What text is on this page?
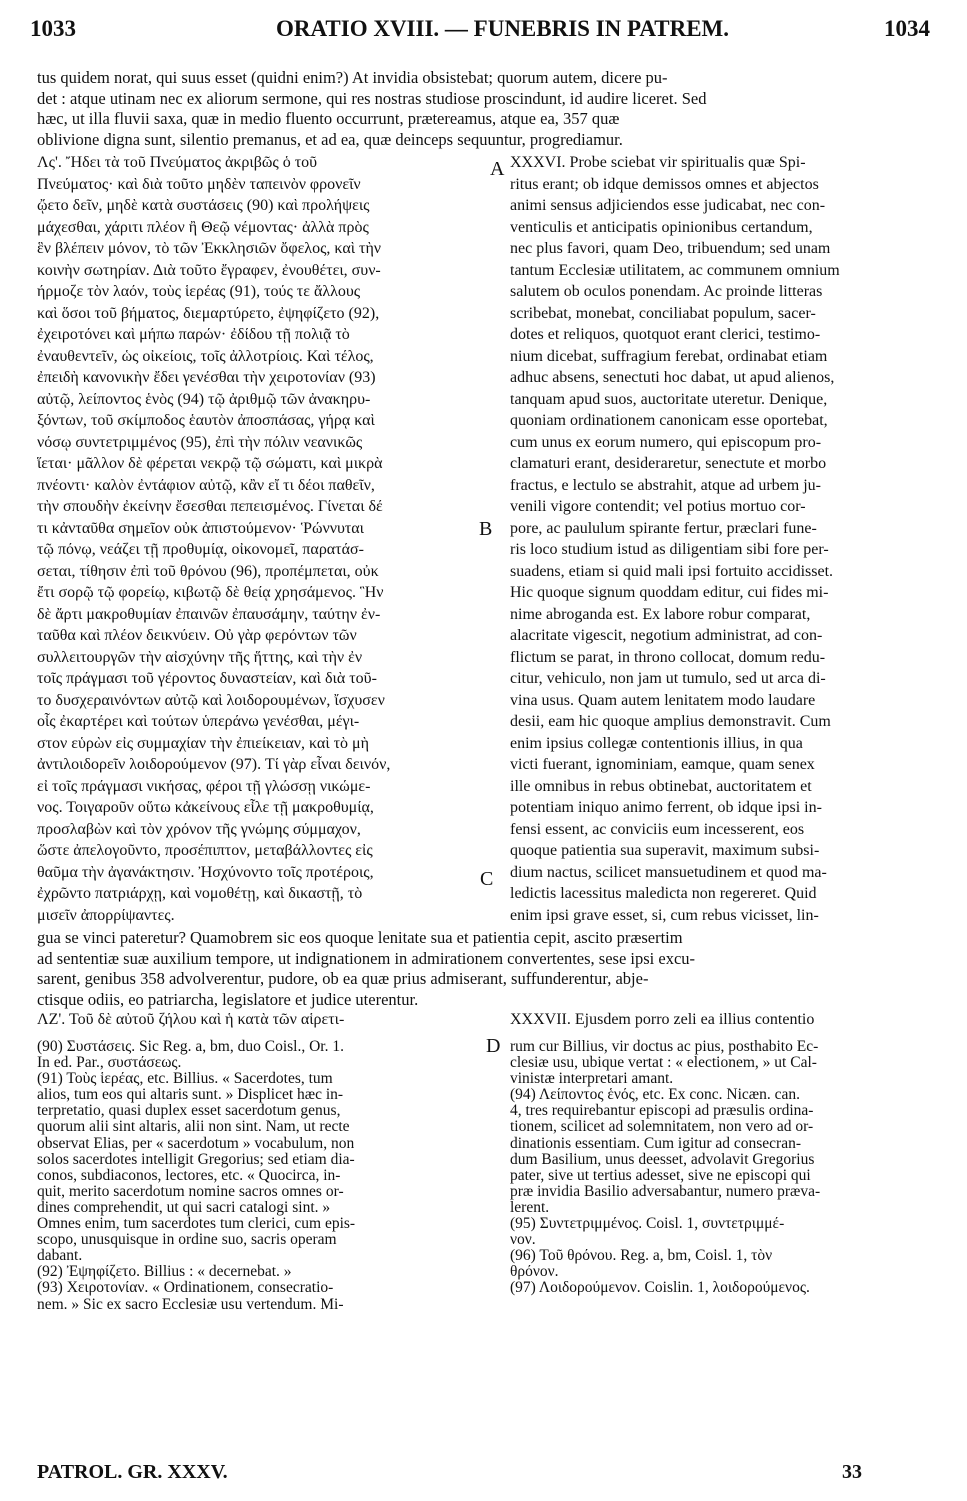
1033	ORATIO XVIII. — FUNEBRIS IN PATREM.	1034
tus quidem norat, qui suus esset (quidni enim?) At invidia obsistebat; quorum autem, dicere pu-
det : atque utinam nec ex aliorum sermone, qui res nostras studiose proscindunt, id audire liceret. Sed
hæc, ut illa fluvii saxa, quæ in medio fluento occurrunt, prætereamus, atque ea, 357 quæ
oblivione digna sunt, silentio premanus, et ad ea, quæ deinceps sequuntur, progrediamur.
Λς'. Ἤδει τὰ τοῦ Πνεύματος ἀκριβῶς ὁ τοῦ
Πνεύματος· καὶ διὰ τοῦτο μηδὲν ταπεινὸν φρονεῖν
ᾤετο δεῖν, μηδὲ κατὰ συστάσεις (90) καὶ προλήψεις
μάχεσθαι, χάριτι πλέον ἢ Θεῷ νέμοντας· ἀλλὰ πρὸς
ἓν βλέπειν μόνον, τὸ τῶν Ἐκκλησιῶν ὄφελος, καὶ τὴν
κοινὴν σωτηρίαν. Διὰ τοῦτο ἔγραφεν, ἐνουθέτει, συν-
ήρμοζε τὸν λαόν, τοὺς ἱερέας (91), τούς τε ἄλλους
καὶ ὅσοι τοῦ βήματος, διεμαρτύρετο, ἐψηφίζετο (92),
ἐχειροτόνει καὶ μήπω παρών· ἐδίδου τῇ πολιᾷ τὸ
ἐναυθεντεῖν, ὡς οἰκείοις, τοῖς ἀλλοτρίοις. Καὶ τέλος,
ἐπειδὴ κανονικὴν ἔδει γενέσθαι τὴν χειροτονίαν (93)
αὐτῷ, λείποντος ἑνὸς (94) τῷ ἀριθμῷ τῶν ἀνακηρυ-
ξόντων, τοῦ σκίμποδος ἑαυτὸν ἀποσπάσας, γήρᾳ καὶ
νόσῳ συντετριμμένος (95), ἐπὶ τὴν πόλιν νεανικῶς
ἵεται· μᾶλλον δὲ φέρεται νεκρῷ τῷ σώματι, καὶ μικρὰ
πνέοντι· καλὸν ἐντάφιον αὐτῷ, κἂν εἴ τι δέοι παθεῖν,
τὴν σπουδὴν ἐκείνην ἔσεσθαι πεπεισμένος. Γίνεται δέ
τι κἀνταῦθα σημεῖον οὐκ ἀπιστούμενον· Ῥώννυται
τῷ πόνῳ, νεάζει τῇ προθυμίᾳ, οἰκονομεῖ, παρατάσ-
σεται, τίθησιν ἐπὶ τοῦ θρόνου (96), προπέμπεται, οὐκ
ἔτι σορῷ τῷ φορείῳ, κιβωτῷ δὲ θείᾳ χρησάμενος. Ἣν
δὲ ἄρτι μακροθυμίαν ἐπαινῶν ἐπαυσάμην, ταύτην ἐν-
ταῦθα καὶ πλέον δεικνύειν. Οὐ γὰρ φερόντων τῶν
συλλειτουργῶν τὴν αἰσχύνην τῆς ἥττης, καὶ τὴν ἐν
τοῖς πράγμασι τοῦ γέροντος δυναστείαν, καὶ διὰ τοῦ-
το δυσχεραινόντων αὐτῷ καὶ λοιδορουμένων, ἴσχυσεν
οἷς ἐκαρτέρει καὶ τούτων ὑπεράνω γενέσθαι, μέγι-
στον εὑρὼν εἰς συμμαχίαν τὴν ἐπιείκειαν, καὶ τὸ μὴ
ἀντιλοιδορεῖν λοιδορούμενον (97). Τί γὰρ εἶναι δεινόν,
εἰ τοῖς πράγμασι νικήσας, φέροι τῇ γλώσσῃ νικώμε-
νος. Τοιγαροῦν οὕτω κἀκείνους εἷλε τῇ μακροθυμίᾳ,
προσλαβὼν καὶ τὸν χρόνον τῆς γνώμης σύμμαχον,
ὥστε ἀπελογοῦντο, προσέπιπτον, μεταβάλλοντες εἰς
θαῦμα τὴν ἀγανάκτησιν. Ἠσχύνοντο τοῖς προτέροις,
ἐχρῶντο πατριάρχῃ, καὶ νομοθέτῃ, καὶ δικαστῇ, τὸ
μισεῖν ἀπορρίψαντες.
XXXVI. Probe sciebat vir spiritualis quæ Spi-
ritus erant; ob idque demissos omnes et abjectos
animi sensus adjiciendos esse judicabat, nec con-
venticulis et anticipatis opinionibus certandum,
nec plus favori, quam Deo, tribuendum; sed unam
tantum Ecclesiæ utilitatem, ac communem omnium
salutem ob oculos ponendam. Ac proinde litteras
scribebat, monebat, conciliabat populum, sacer-
dotes et reliquos, quotquot erant clerici, testimo-
nium dicebat, suffragium ferebat, ordinabat etiam
adhuc absens, senectuti hoc dabat, ut apud alienos,
tanquam apud suos, auctoritate uteretur. Denique,
quoniam ordinationem canonicam esse oportebat,
cum unus ex eorum numero, qui episcopum pro-
clamaturi erant, desideraretur, senectute et morbo
fractus, e lectulo se abstrahit, atque ad urbem ju-
venili vigore contendit; vel potius mortuo cor-
pore, ac paululum spirante fertur, præclari fune-
ris loco studium istud as diligentiam sibi fore per-
suadens, etiam si quid mali ipsi fortuito accidisset.
Hic quoque signum quoddam editur, cui fides mi-
nime abroganda est. Ex labore robur comparat,
alacritate vigescit, negotium administrat, ad con-
flictum se parat, in throno collocat, domum redu-
citur, vehiculo, non jam ut tumulo, sed ut arca di-
vina usus. Quam autem lenitatem modo laudare
desii, eam hic quoque amplius demonstravit. Cum
enim ipsius collegæ contentionis illius, in qua
victi fuerant, ignominiam, eamque, quam senex
ille omnibus in rebus obtinebat, auctoritatem et
potentiam iniquo animo ferrent, ob idque ipsi in-
fensi essent, ac conviciis eum incesserent, eos
quoque patientia sua superavit, maximum subsi-
dium nactus, scilicet mansuetudinem et quod ma-
ledictis lacessitus maledicta non regereret. Quid
enim ipsi grave esset, si, cum rebus vicisset, lin-
A
B
C
D
gua se vinci pateretur? Quamobrem sic eos quoque lenitate sua et patientia cepit, ascito præsertim
ad sententiæ suæ auxilium tempore, ut indignationem in admirationem convertentes, sese ipsi excu-
sarent, genibus 358 advolverentur, pudore, ob ea quæ prius admiserant, suffunderentur, abje-
ctisque odiis, eo patriarcha, legislatore et judice uterentur.
ΛΖ'. Τοῦ δὲ αὐτοῦ ζήλου καὶ ἡ κατὰ τῶν αἱρετι-	XXXVII. Ejusdem porro zeli ea illius contentio
(90) Συστάσεις. Sic Reg. a, bm, duo Coisl., Or. 1.
In ed. Par., συστάσεως.
(91) Τοὺς ἱερέας, etc. Billius. « Sacerdotes, tum
alios, tum eos qui altaris sunt. » Displicet hæc in-
terpretatio, quasi duplex esset sacerdotum genus,
quorum alii sint altaris, alii non sint. Nam, ut recte
observat Elias, per « sacerdotum » vocabulum, non
solos sacerdotes intelligit Gregorius; sed etiam dia-
conos, subdiaconos, lectores, etc. « Quocirca, in-
quit, merito sacerdotum nomine sacros omnes or-
dines comprehendit, ut qui sacri catalogi sint. »
Omnes enim, tum sacerdotes tum clerici, cum epis-
scopo, unusquisque in ordine suo, sacris operam
dabant.
(92) Ἐψηφίζετο. Billius : « decernebat. »
(93) Χειροτονίαν. « Ordinationem, consecratio-
nem. » Sic ex sacro Ecclesiæ usu vertendum. Mi-
rum cur Billius, vir doctus ac pius, posthabito Ec-
clesiæ usu, ubique vertat : « electionem, » ut Cal-
vinistæ interpretari amant.
(94) Λείποντος ἑνός, etc. Ex conc. Nicæn. can.
4, tres requirebantur episcopi ad præsulis ordina-
tionem, scilicet ad solemnitatem, non vero ad or-
dinationis essentiam. Cum igitur ad consecran-
dum Basilium, unus deesset, advolavit Gregorius
pater, sive ut tertius adesset, sive ne episcopi qui
præ invidia Basilio adversabantur, numero præva-
lerent.
(95) Συντετριμμένος. Coisl. 1, συντετριμμέ-
νον.
(96) Τοῦ θρόνου. Reg. a, bm, Coisl. 1, τὸν
θρόνον.
(97) Λοιδορούμενον. Coislin. 1, λοιδορούμενος.
PATROL. GR. XXXV.	33
